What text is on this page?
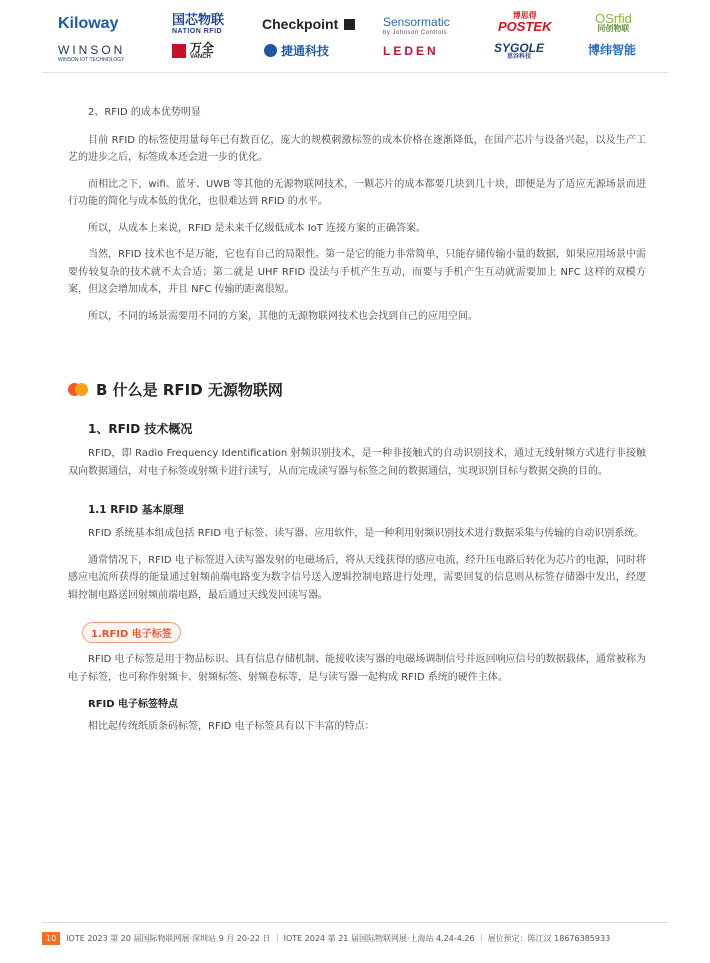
Kiloway	国芯物联
NATION RFID	Checkpoint	Sensormatic
by Johnson Controls
博思得
POSTEK
OSrfid
同创物联
WINSON
WINSON IOT TECHNOLOGY
万全
VANCH	捷通科技	LEDEN	SYGOLE
思谷科技	博纬智能

2、RFID 的成本优势明显

目前 RFID 的标签使用量每年已有数百亿，庞大的规模刺激标签的成本价格在逐渐降低，在国产芯片与设备兴起，以及生产工艺的进步之后，标签成本还会进一步的优化。

而相比之下，wifi、蓝牙、UWB 等其他的无源物联网技术，一颗芯片的成本都要几块到几十块，即便是为了适应无源场景而进行功能的简化与成本低的优化，也很难达到 RFID 的水平。

所以，从成本上来说，RFID 是未来千亿级低成本 IoT 连接方案的正确答案。

当然，RFID 技术也不是万能，它也有自己的局限性。第一是它的能力非常简单，只能存储传输小量的数据，如果应用场景中需要传较复杂的技术就不太合适；第二就是 UHF RFID 没法与手机产生互动，而要与手机产生互动就需要加上 NFC 这样的双模方案，但这会增加成本，并且 NFC 传输的距离很短。

所以，不同的场景需要用不同的方案，其他的无源物联网技术也会找到自己的应用空间。

B 什么是 RFID 无源物联网
1、RFID 技术概况

RFID，即 Radio Frequency Identification 射频识别技术，是一种非接触式的自动识别技术，通过无线射频方式进行非接触双向数据通信，对电子标签或射频卡进行读写，从而完成读写器与标签之间的数据通信，实现识别目标与数据交换的目的。

1.1 RFID 基本原理

RFID 系统基本组成包括 RFID 电子标签、读写器、应用软件，是一种利用射频识别技术进行数据采集与传输的自动识别系统。

通常情况下，RFID 电子标签进入读写器发射的电磁场后，将从天线获得的感应电流，经升压电路后转化为芯片的电源，同时将感应电流所获得的能量通过射频前端电路变为数字信号送入逻辑控制电路进行处理，需要回复的信息则从标签存储器中发出，经逻辑控制电路送回射频前端电路，最后通过天线发回读写器。

1.RFID 电子标签

RFID 电子标签是用于物品标识、具有信息存储机制、能接收读写器的电磁场调制信号并返回响应信号的数据载体，通常被称为电子标签，也可称作射频卡、射频标签、射频卷标等，是与读写器一起构成 RFID 系统的硬件主体。

RFID 电子标签特点

相比起传统纸质条码标签，RFID 电子标签具有以下丰富的特点：

10	IOTE 2023 第 20 届国际物联网展·深圳站 9 月 20-22 日 ｜ IOTE 2024 第 21 届国际物联网展·上海站 4.24-4.26 ｜ 展位预定：陈江汉 18676385933
